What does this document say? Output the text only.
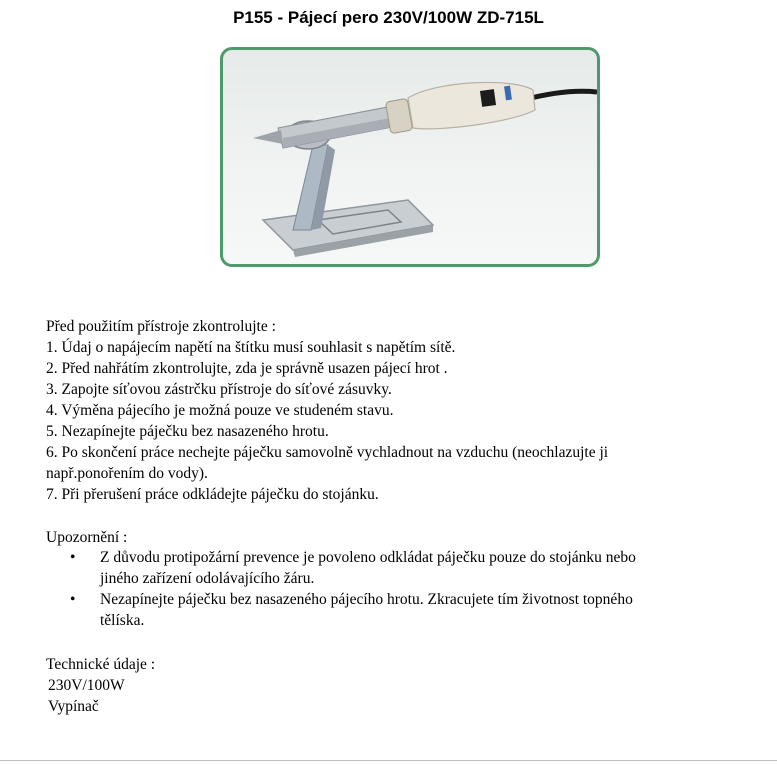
P155 - Pájecí pero 230V/100W ZD-715L
Před použitím přístroje zkontrolujte :
1. Údaj o napájecím napětí na štítku musí souhlasit s napětím sítě.
2. Před nahřátím zkontrolujte, zda je správně usazen pájecí hrot .
3. Zapojte síťovou zástrčku přístroje do síťové zásuvky.
4. Výměna pájecího je možná pouze ve studeném stavu.
5. Nezapínejte páječku bez nasazeného hrotu.
6. Po skončení práce nechejte páječku samovolně vychladnout na vzduchu (neochlazujte ji
např.ponořením do vody).
7. Při přerušení práce odkládejte páječku do stojánku.
Upozornění :
• Z důvodu protipožární prevence je povoleno odkládat páječku pouze do stojánku nebo
jiného zařízení odolávajícího žáru.
• Nezapínejte páječku bez nasazeného pájecího hrotu. Zkracujete tím životnost topného
tělíska.
Technické údaje :
230V/100W
Vypínač
